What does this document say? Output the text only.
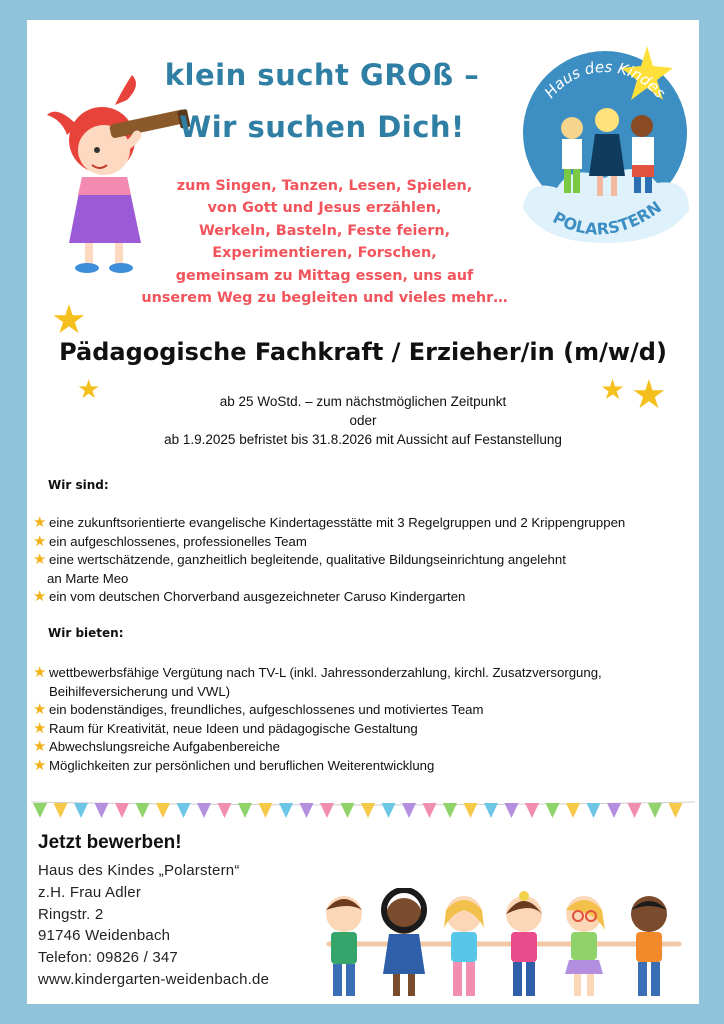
klein sucht GROß –
Wir suchen Dich!
Haus des Kindes
POLARSTERN
zum Singen, Tanzen, Lesen, Spielen,
von Gott und Jesus erzählen,
Werkeln, Basteln, Feste feiern,
Experimentieren, Forschen,
gemeinsam zu Mittag essen, uns auf
unserem Weg zu begleiten und vieles mehr…
★
★	★ ★
Pädagogische Fachkraft / Erzieher/in (m/w/d)
ab 25 WoStd. – zum nächstmöglichen Zeitpunkt
oder
ab 1.9.2025 befristet bis 31.8.2026 mit Aussicht auf Festanstellung
Wir sind:
★ eine zukunftsorientierte evangelische Kindertagesstätte mit 3 Regelgruppen und 2 Krippengruppen
★ ein aufgeschlossenes, professionelles Team
★ eine wertschätzende, ganzheitlich begleitende, qualitative Bildungseinrichtung angelehnt
an Marte Meo
★ ein vom deutschen Chorverband ausgezeichneter Caruso Kindergarten
Wir bieten:
★ wettbewerbsfähige Vergütung nach TV-L (inkl. Jahressonderzahlung, kirchl. Zusatzversorgung,
Beihilfeversicherung und VWL)
★ ein bodenständiges, freundliches, aufgeschlossenes und motiviertes Team
★ Raum für Kreativität, neue Ideen und pädagogische Gestaltung
★ Abwechslungsreiche Aufgabenbereiche
★ Möglichkeiten zur persönlichen und beruflichen Weiterentwicklung
Jetzt bewerben!
Haus des Kindes „Polarstern“
z.H. Frau Adler
Ringstr. 2
91746 Weidenbach
Telefon: 09826 / 347
www.kindergarten-weidenbach.de
